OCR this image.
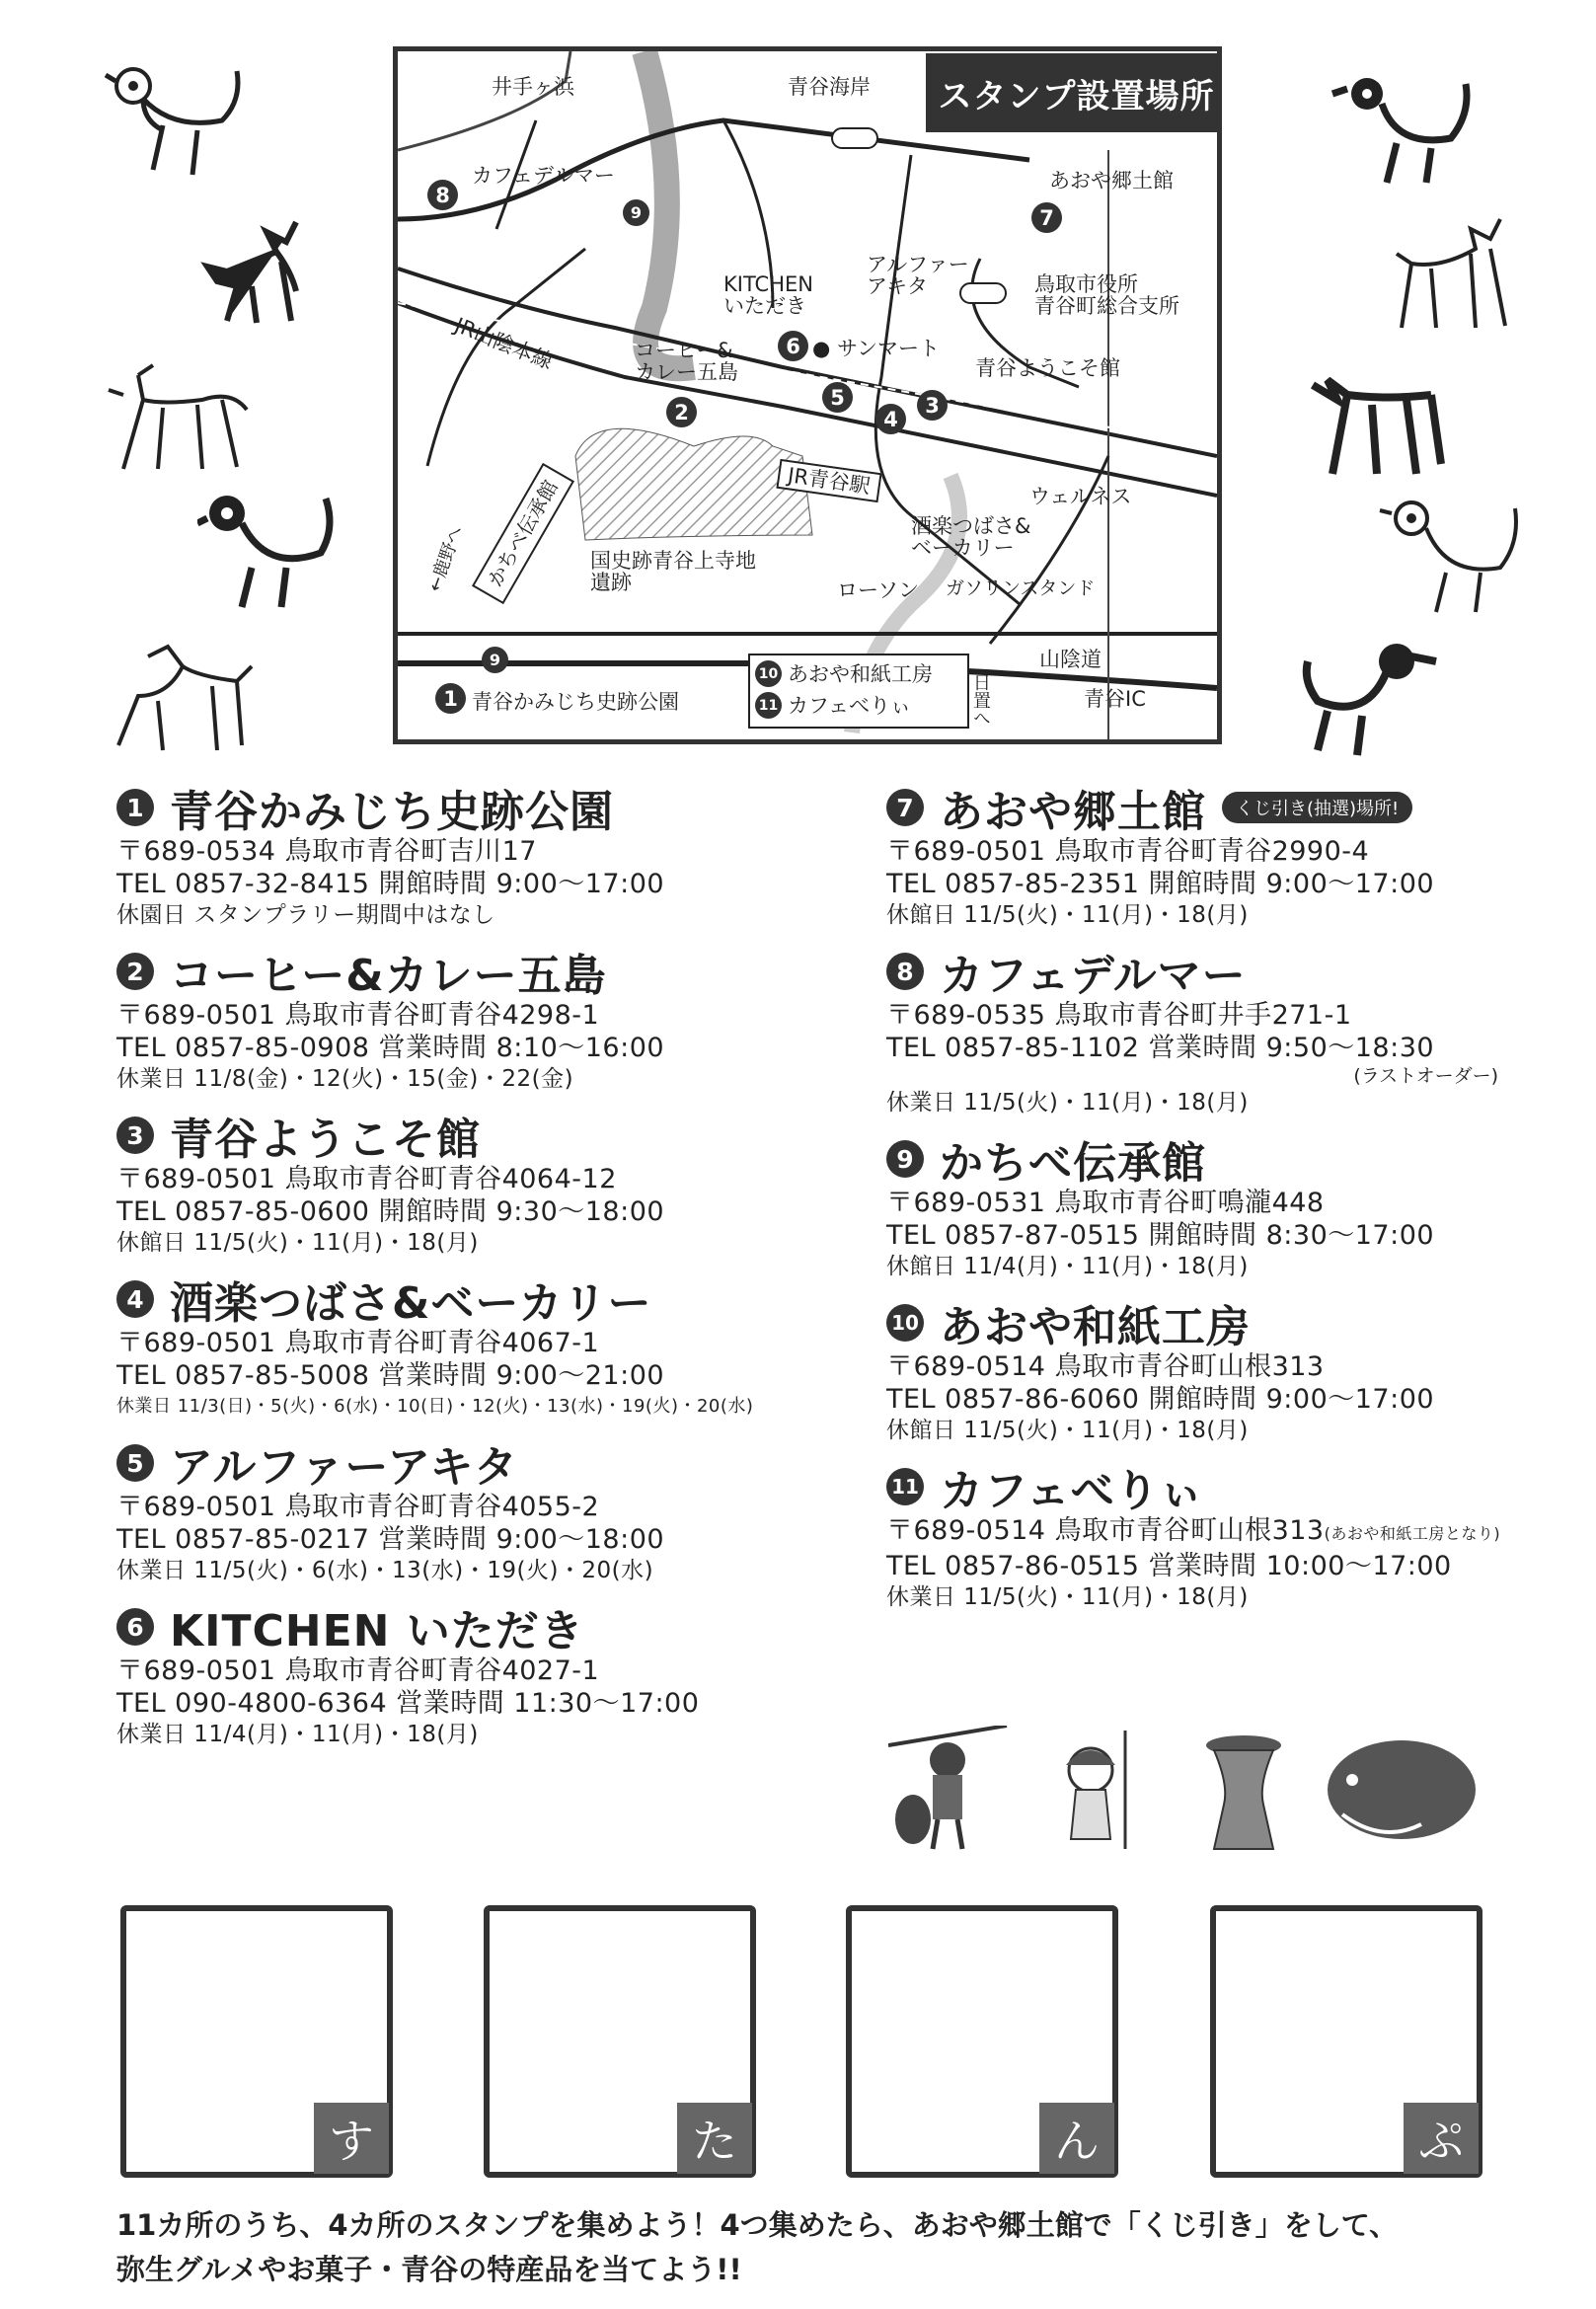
スタンプ設置場所
井手ヶ浜	青谷海岸
8
カフェデルマー
9
あおや郷土館
7
鳥取市役所
青谷町総合支所
アルファー
アキタ
KITCHEN
いただき
6 ● サンマート
コーヒー&
カレー五島
2
5
4
3
青谷ようこそ館
JR山陰本線
JR青谷駅	ウェルネス
酒楽つばさ&
ベーカリー
かちべ伝承館
←鹿野へ	国史跡青谷上寺地
遺跡	ローソン ガソリンスタンド
山陰道
9
10 あおや和紙工房
11 カフェべりぃ	日置へ	青谷IC
1 青谷かみじち史跡公園
1 青谷かみじち史跡公園
〒689-0534 鳥取市青谷町吉川17
TEL 0857-32-8415 開館時間 9:00～17:00
休園日 スタンプラリー期間中はなし
2 コーヒー&カレー五島
〒689-0501 鳥取市青谷町青谷4298-1
TEL 0857-85-0908 営業時間 8:10～16:00
休業日 11/8(金)・12(火)・15(金)・22(金)
3 青谷ようこそ館
〒689-0501 鳥取市青谷町青谷4064-12
TEL 0857-85-0600 開館時間 9:30～18:00
休館日 11/5(火)・11(月)・18(月)
4 酒楽つばさ&ベーカリー
〒689-0501 鳥取市青谷町青谷4067-1
TEL 0857-85-5008 営業時間 9:00～21:00
休業日 11/3(日)・5(火)・6(水)・10(日)・12(火)・13(水)・19(火)・20(水)
5 アルファーアキタ
〒689-0501 鳥取市青谷町青谷4055-2
TEL 0857-85-0217 営業時間 9:00～18:00
休業日 11/5(火)・6(水)・13(水)・19(火)・20(水)
6 KITCHEN いただき
〒689-0501 鳥取市青谷町青谷4027-1
TEL 090-4800-6364 営業時間 11:30～17:00
休業日 11/4(月)・11(月)・18(月)
7 あおや郷土館	くじ引き(抽選)場所!
〒689-0501 鳥取市青谷町青谷2990-4
TEL 0857-85-2351 開館時間 9:00～17:00
休館日 11/5(火)・11(月)・18(月)
8 カフェデルマー
〒689-0535 鳥取市青谷町井手271-1
TEL 0857-85-1102 営業時間 9:50～18:30
(ラストオーダー)
休業日 11/5(火)・11(月)・18(月)
9 かちべ伝承館
〒689-0531 鳥取市青谷町鳴瀧448
TEL 0857-87-0515 開館時間 8:30～17:00
休館日 11/4(月)・11(月)・18(月)
10 あおや和紙工房
〒689-0514 鳥取市青谷町山根313
TEL 0857-86-6060 開館時間 9:00～17:00
休館日 11/5(火)・11(月)・18(月)
11 カフェべりぃ
〒689-0514 鳥取市青谷町山根313(あおや和紙工房となり)
TEL 0857-86-0515 営業時間 10:00～17:00
休業日 11/5(火)・11(月)・18(月)
す	た	ん	ぷ
11カ所のうち、4カ所のスタンプを集めよう！4つ集めたら、あおや郷土館で「くじ引き」をして、
弥生グルメやお菓子・青谷の特産品を当てよう!!
